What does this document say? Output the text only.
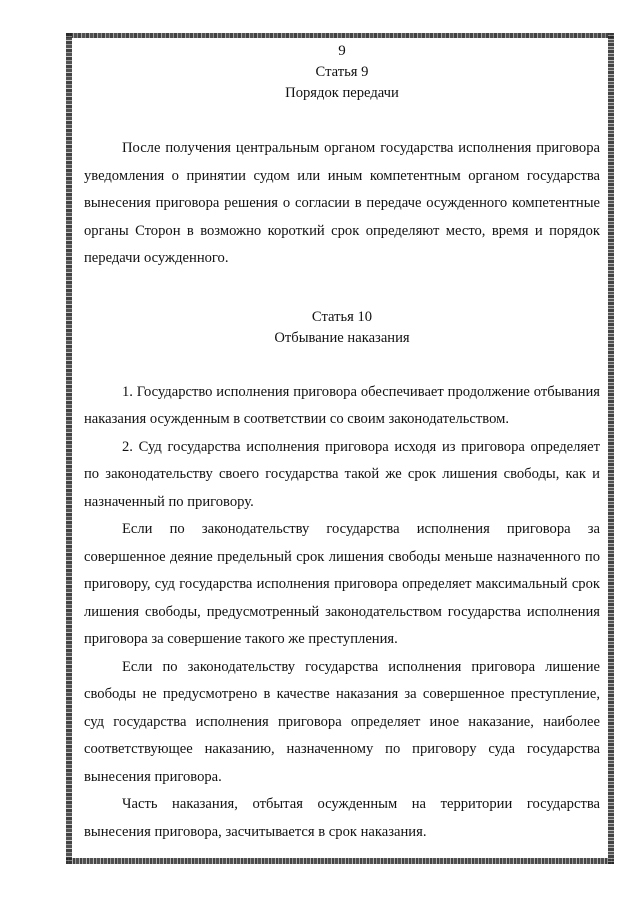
9
Статья 9
Порядок передачи

После получения центральным органом государства исполнения приговора уведомления о принятии судом или иным компетентным органом государства вынесения приговора решения о согласии в передаче осужденного компетентные органы Сторон в возможно короткий срок определяют место, время и порядок передачи осужденного.

Статья 10
Отбывание наказания

1. Государство исполнения приговора обеспечивает продолжение отбывания наказания осужденным в соответствии со своим законодательством.

2. Суд государства исполнения приговора исходя из приговора определяет по законодательству своего государства такой же срок лишения свободы, как и назначенный по приговору.

Если по законодательству государства исполнения приговора за совершенное деяние предельный срок лишения свободы меньше назначенного по приговору, суд государства исполнения приговора определяет максимальный срок лишения свободы, предусмотренный законодательством государства исполнения приговора за совершение такого же преступления.

Если по законодательству государства исполнения приговора лишение свободы не предусмотрено в качестве наказания за совершенное преступление, суд государства исполнения приговора определяет иное наказание, наиболее соответствующее наказанию, назначенному по приговору суда государства вынесения приговора.

Часть наказания, отбытая осужденным на территории государства вынесения приговора, засчитывается в срок наказания.
